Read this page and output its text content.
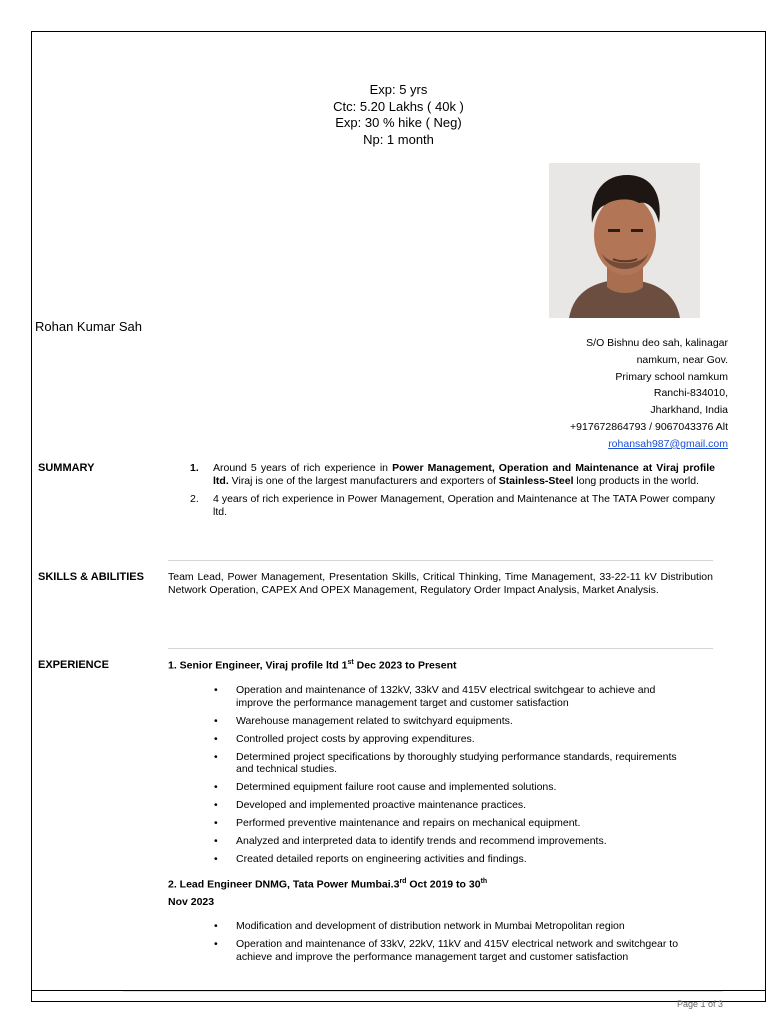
Exp: 5 yrs
Ctc: 5.20 Lakhs ( 40k )
Exp: 30 % hike ( Neg)
Np: 1 month
Rohan Kumar Sah
S/O Bishnu deo sah, kalinagar
namkum, near Gov.
Primary school namkum
Ranchi-834010,
Jharkhand, India
+917672864793 / 9067043376 Alt
rohansah987@gmail.com
SUMMARY	1. Around 5 years of rich experience in Power Management, Operation and Maintenance at Viraj profile ltd. Viraj is one of the largest manufacturers and exporters of Stainless-Steel long products in the world.
2. 4 years of rich experience in Power Management, Operation and Maintenance at The TATA Power company ltd.
SKILLS & ABILITIES Team Lead, Power Management, Presentation Skills, Critical Thinking, Time Management, 33-22-11 kV Distribution Network Operation, CAPEX And OPEX Management, Regulatory Order Impact Analysis, Market Analysis.
EXPERIENCE	1. Senior Engineer, Viraj profile ltd 1st Dec 2023 to Present
• Operation and maintenance of 132kV, 33kV and 415V electrical switchgear to achieve and improve the performance management target and customer satisfaction
• Warehouse management related to switchyard equipments.
• Controlled project costs by approving expenditures.
• Determined project specifications by thoroughly studying performance standards, requirements and technical studies.
• Determined equipment failure root cause and implemented solutions.
• Developed and implemented proactive maintenance practices.
• Performed preventive maintenance and repairs on mechanical equipment.
• Analyzed and interpreted data to identify trends and recommend improvements.
• Created detailed reports on engineering activities and findings.
2. Lead Engineer DNMG, Tata Power Mumbai.3rd Oct 2019 to 30th
Nov 2023
• Modification and development of distribution network in Mumbai Metropolitan region
• Operation and maintenance of 33kV, 22kV, 11kV and 415V electrical network and switchgear to achieve and improve the performance management target and customer satisfaction
Page 1 of 3
